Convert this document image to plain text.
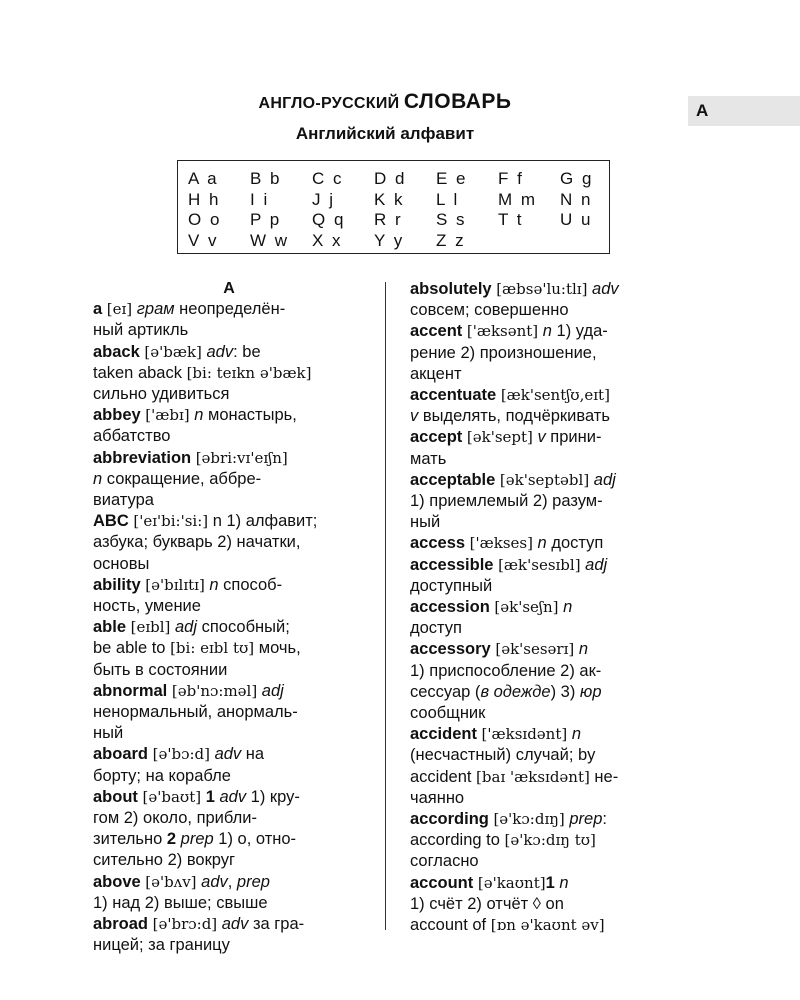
АНГЛО-РУССКИЙ СЛОВАРЬ
Английский алфавит
A
A a	B b	C c	D d	E e	F f	G g
H h	I i	J j	K k	L l	M m	N n
O o	P p	Q q	R r	S s	T t	U u
V v	W w	X x	Y y	Z z
A
a [eɪ] грам неопределён-
ный артикль
aback [ə'bæk] adv: be
taken aback [bi: teɪkn ə'bæk]
сильно удивиться
abbey ['æbɪ] n монастырь,
аббатство
abbreviation [əbri:vɪ'eɪʃn]
n сокращение, аббре-
виатура
ABC ['eɪ'bi:'si:] n 1) алфавит;
азбука; букварь 2) начатки,
основы
ability [ə'bɪlɪtɪ] n способ-
ность, умение
able [eɪbl] adj способный;
be able to [bi: eɪbl tʊ] мочь,
быть в состоянии
abnormal [əb'nɔ:məl] adj
ненормальный, анормаль-
ный
aboard [ə'bɔ:d] adv на
борту; на корабле
about [ə'baʊt] 1 adv 1) кру-
гом 2) около, прибли-
зительно 2 prep 1) о, отно-
сительно 2) вокруг
above [ə'bʌv] adv, prep
1) над 2) выше; свыше
abroad [ə'brɔ:d] adv за гра-
ницей; за границу
absolutely [æbsə'lu:tlɪ] adv
совсем; совершенно
accent ['æksənt] n 1) уда-
рение 2) произношение,
акцент
accentuate [æk'sentʃʊ,eɪt]
v выделять, подчёркивать
accept [ək'sept] v прини-
мать
acceptable [ək'septəbl] adj
1) приемлемый 2) разум-
ный
access ['ækses] n доступ
accessible [æk'sesɪbl] adj
доступный
accession [ək'seʃn] n
доступ
accessory [ək'sesərɪ] n
1) приспособление 2) ак-
сессуар (в одежде) 3) юр
сообщник
accident ['æksɪdənt] n
(несчастный) случай; by
accident [baɪ 'æksɪdənt] не-
чаянно
according [ə'kɔ:dɪŋ] prep:
according to [ə'kɔ:dɪŋ tʊ]
согласно
account [ə'kaʊnt]1 n
1) счёт 2) отчёт ◊ on
account of [ɒn ə'kaʊnt əv]
